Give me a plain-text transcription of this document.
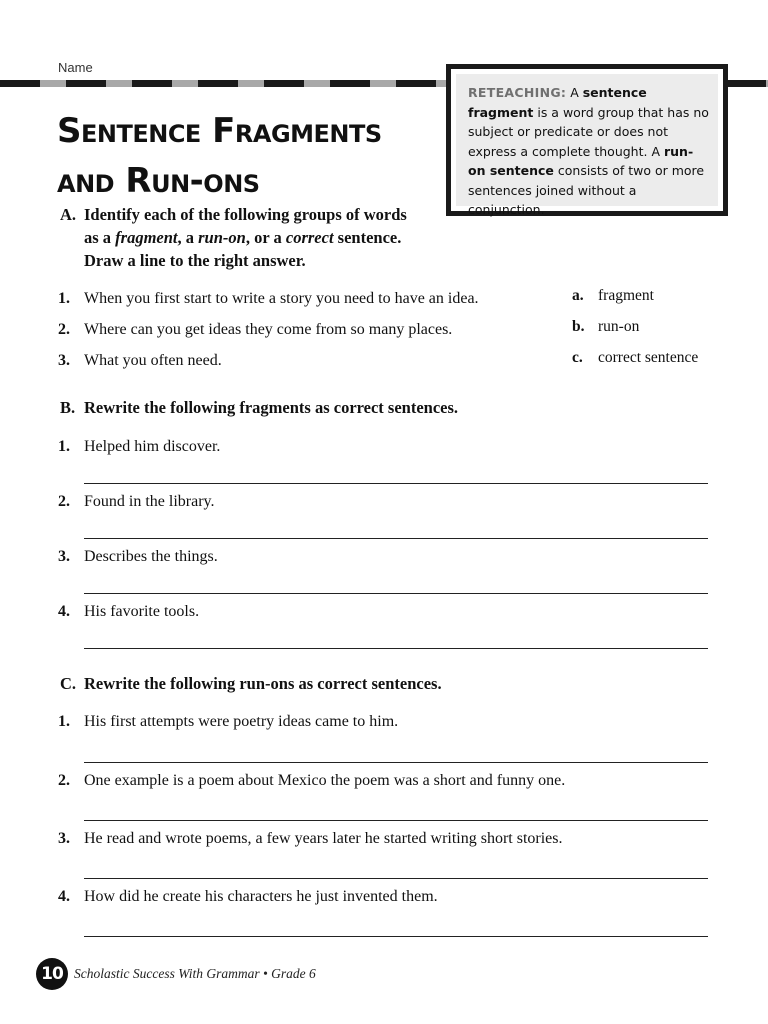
Name
RETEACHING: A sentence fragment is a word group that has no subject or predicate or does not express a complete thought. A run-on sentence consists of two or more sentences joined without a conjunction.
Sentence Fragments
and Run-ons
A. Identify each of the following groups of words
as a fragment, a run-on, or a correct sentence.
Draw a line to the right answer.
1. When you first start to write a story you need to have an idea.
2. Where can you get ideas they come from so many places.
3. What you often need.
a. fragment
b. run-on
c. correct sentence
B. Rewrite the following fragments as correct sentences.
1. Helped him discover.
2. Found in the library.
3. Describes the things.
4. His favorite tools.
C. Rewrite the following run-ons as correct sentences.
1. His first attempts were poetry ideas came to him.
2. One example is a poem about Mexico the poem was a short and funny one.
3. He read and wrote poems, a few years later he started writing short stories.
4. How did he create his characters he just invented them.
10 Scholastic Success With Grammar • Grade 6
